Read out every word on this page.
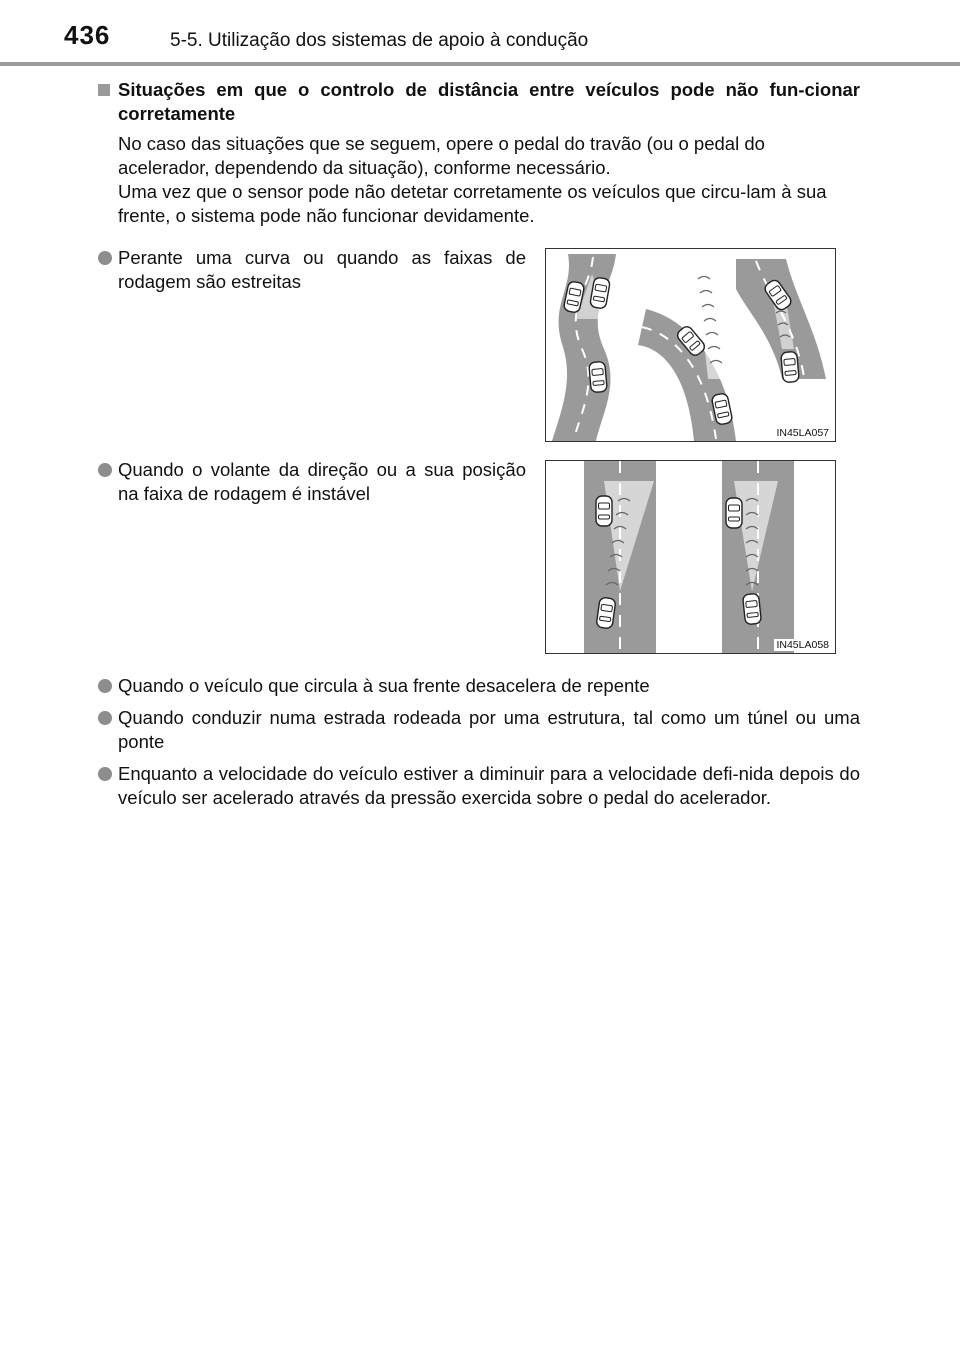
436	5-5. Utilização dos sistemas de apoio à condução
Situações em que o controlo de distância entre veículos pode não fun-cionar corretamente
No caso das situações que se seguem, opere o pedal do travão (ou o pedal do acelerador, dependendo da situação), conforme necessário.
Uma vez que o sensor pode não detetar corretamente os veículos que circu-lam à sua frente, o sistema pode não funcionar devidamente.
Perante uma curva ou quando as faixas de rodagem são estreitas
IN45LA057
Quando o volante da direção ou a sua posição na faixa de rodagem é instável
IN45LA058
Quando o veículo que circula à sua frente desacelera de repente
Quando conduzir numa estrada rodeada por uma estrutura, tal como um túnel ou uma ponte
Enquanto a velocidade do veículo estiver a diminuir para a velocidade defi-nida depois do veículo ser acelerado através da pressão exercida sobre o pedal do acelerador.
